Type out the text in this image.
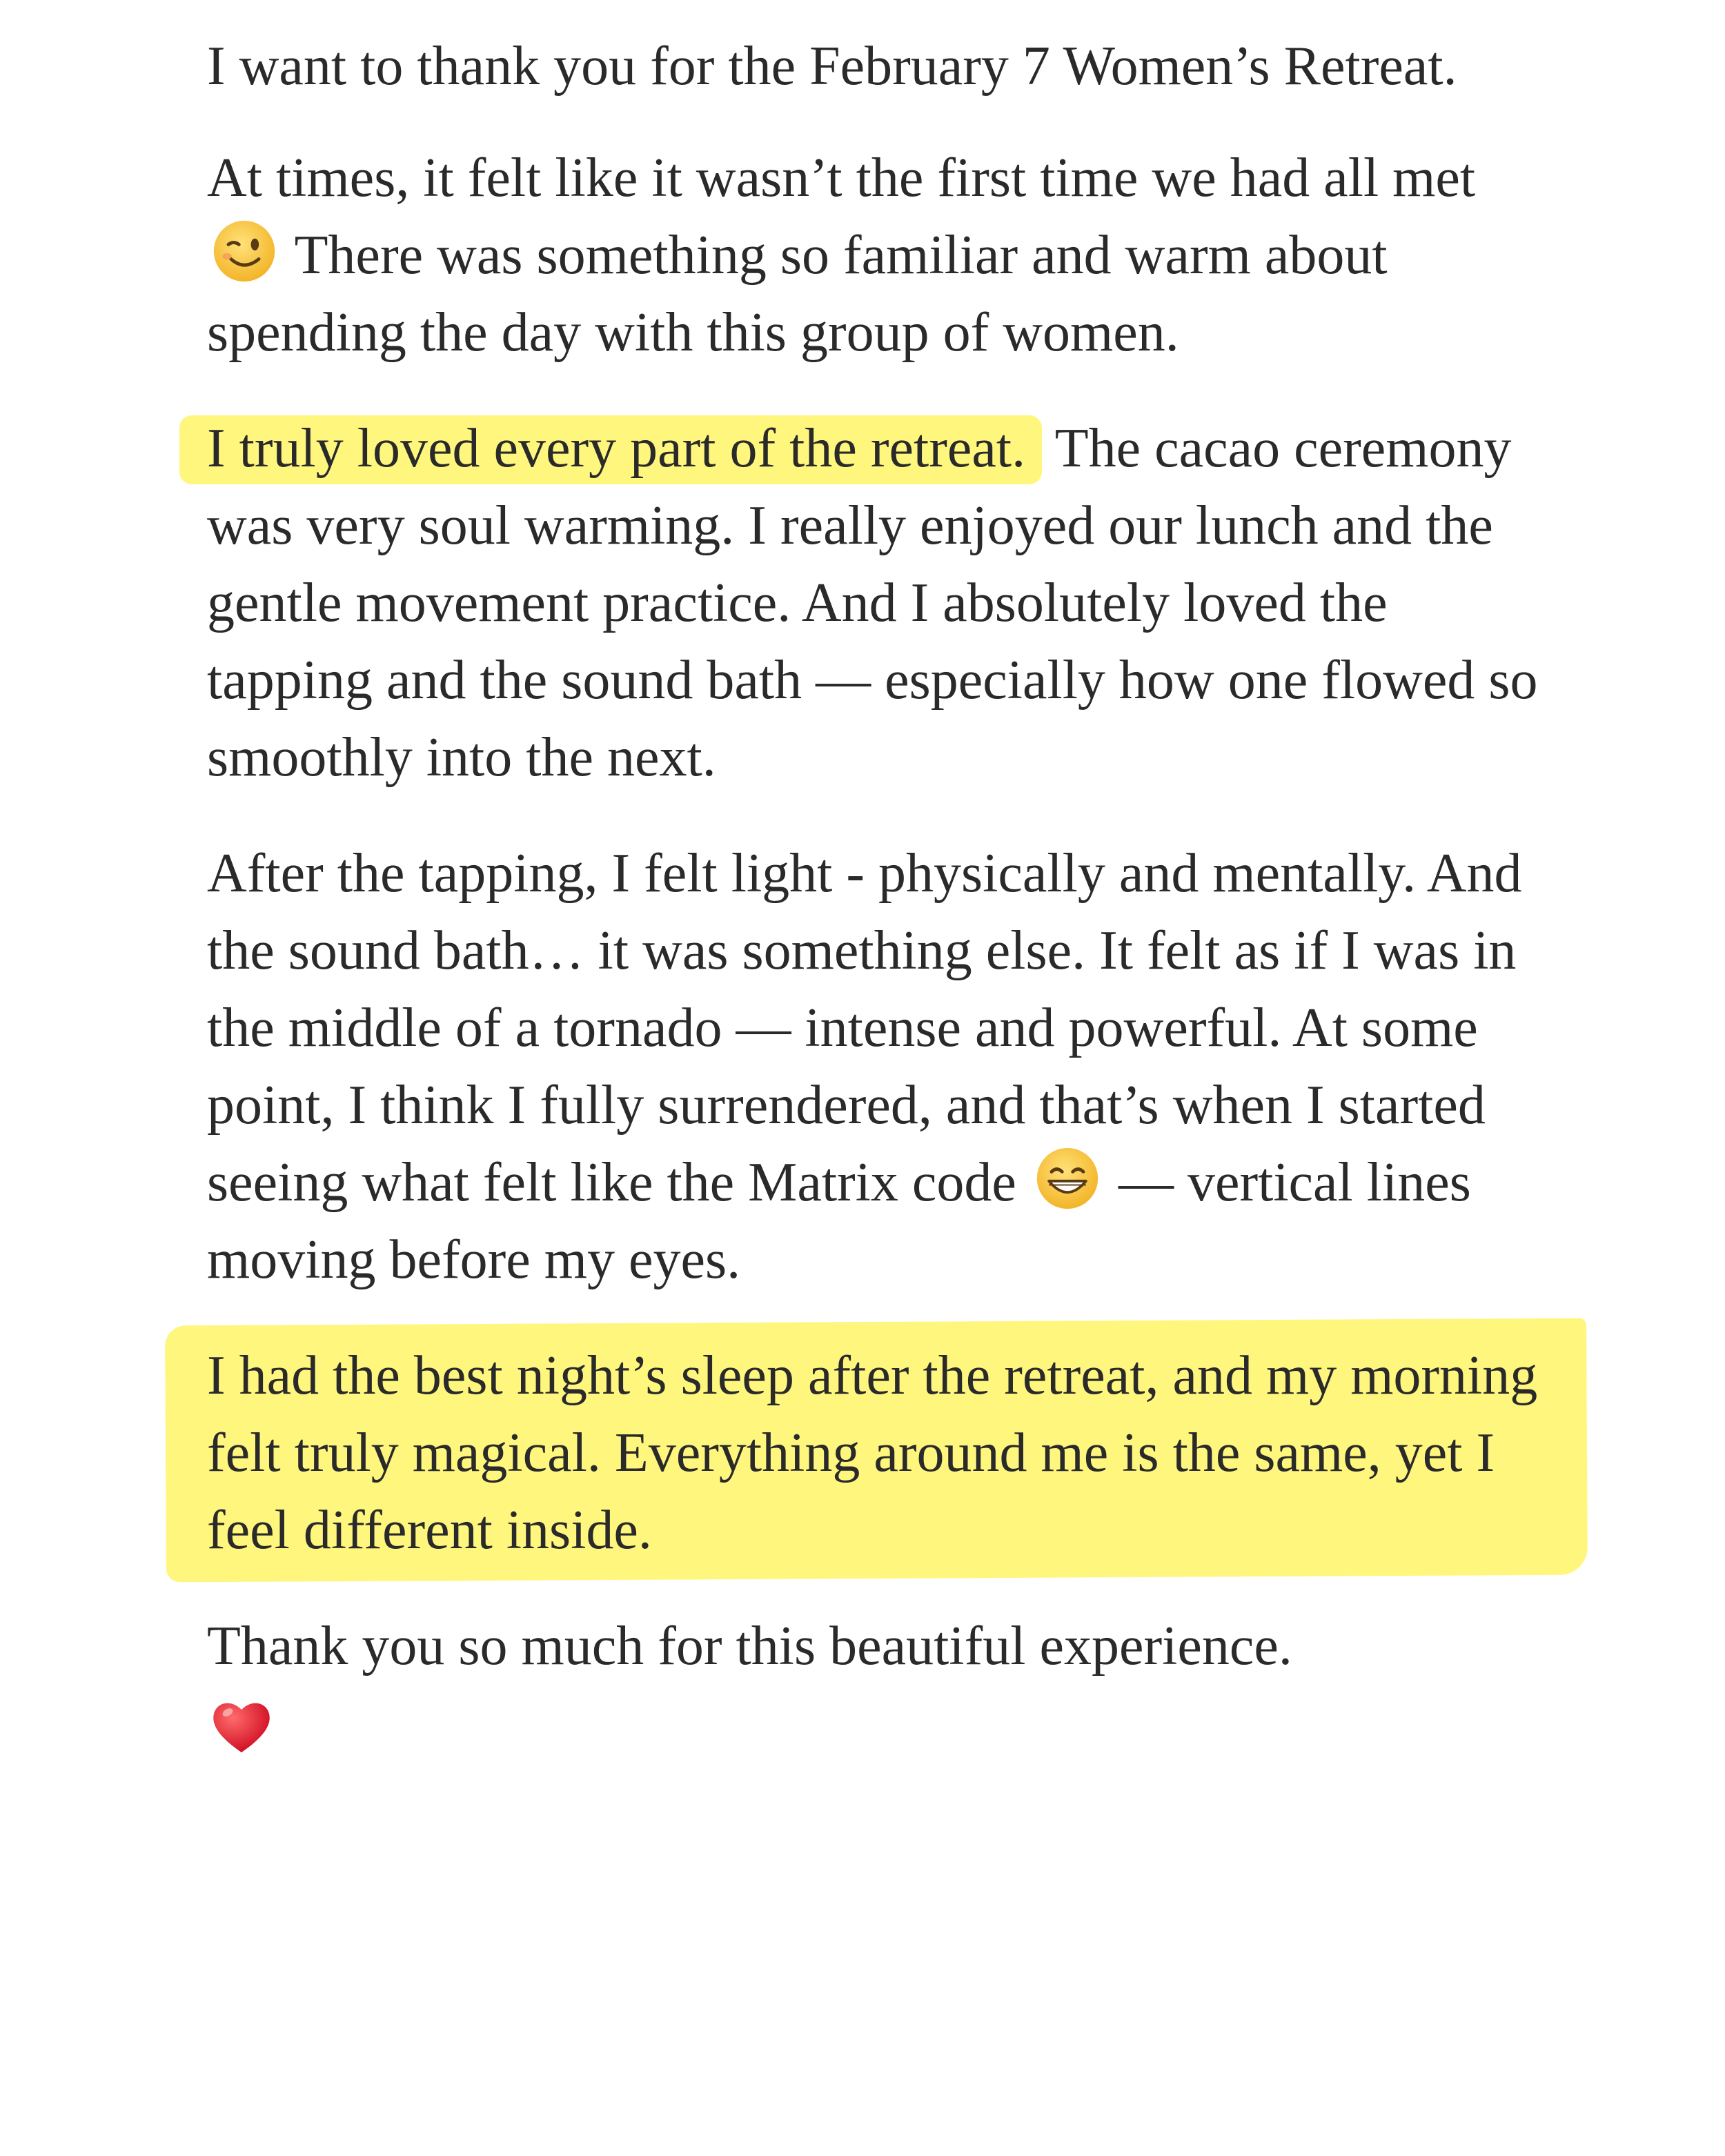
I want to thank you for the February 7 Women’s Retreat.

At times, it felt like it wasn’t the first time we had all met  There was something so familiar and warm about spending the day with this group of women.

I truly loved every part of the retreat. The cacao ceremony was very soul warming. I really enjoyed our lunch and the gentle movement practice. And I absolutely loved the tapping and the sound bath — especially how one flowed so smoothly into the next.

After the tapping, I felt light - physically and mentally. And the sound bath… it was something else. It felt as if I was in the middle of a tornado — intense and powerful. At some point, I think I fully surrendered, and that’s when I started seeing what felt like the Matrix code — vertical lines moving before my eyes.

I had the best night’s sleep after the retreat, and my morning felt truly magical. Everything around me is the same, yet I feel different inside.

Thank you so much for this beautiful experience.
